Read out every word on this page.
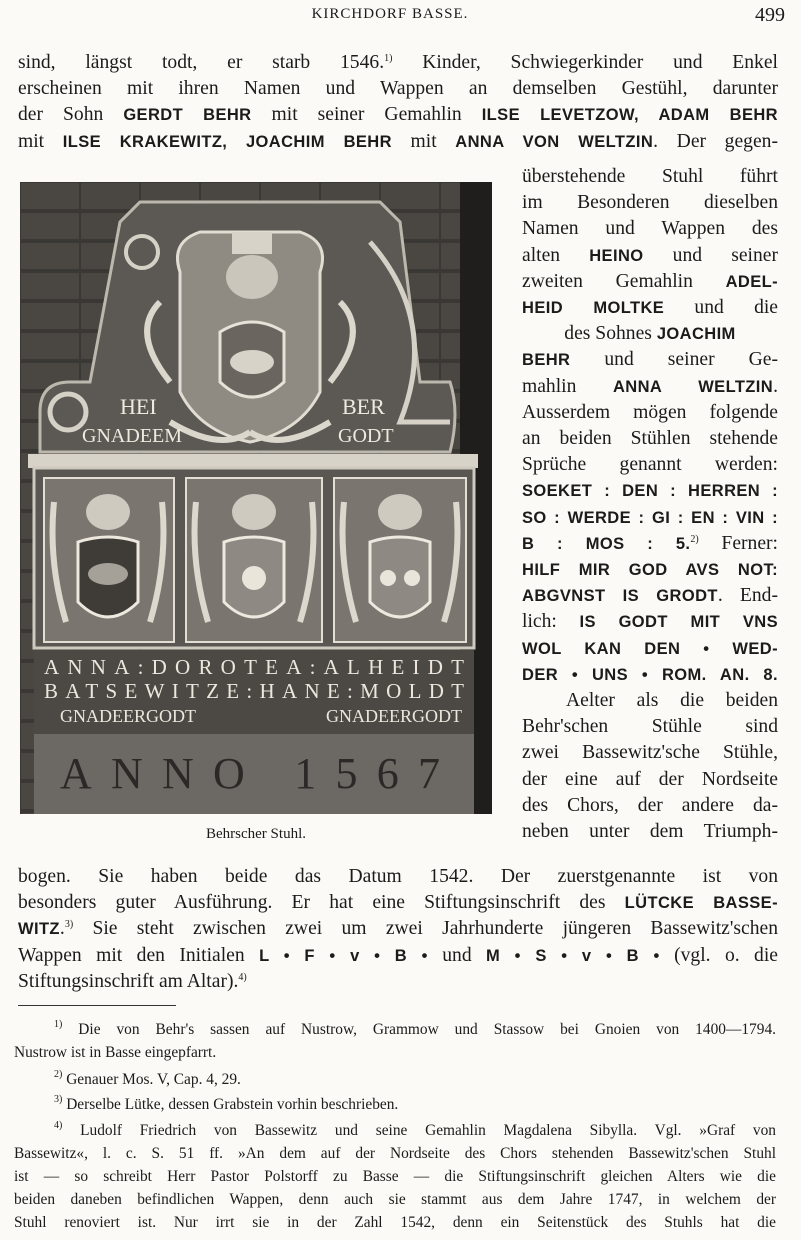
KIRCHDORF BASSE.	499
sind, längst todt, er starb 1546.$^{1)}$ Kinder, Schwiegerkinder und Enkel
erscheinen mit ihren Namen und Wappen an demselben Gestühl, darunter
der Sohn GERDT BEHR mit seiner Gemahlin ILSE LEVETZOW, ADAM BEHR
mit ILSE KRAKEWITZ, JOACHIM BEHR mit ANNA VON WELTZIN. Der gegen-
überstehende Stuhl führt
im Besonderen dieselben
Namen und Wappen des
alten HEINO und seiner
zweiten Gemahlin ADEL-
HEID MOLTKE und die
des Sohnes JOACHIM
BEHR und seiner Ge-
mahlin ANNA WELTZIN.
Ausserdem mögen folgende
an beiden Stühlen stehende
Sprüche genannt werden:
SOEKET : DEN : HERREN :
SO : WERDE : GI : EN : VIN :
B : MOS : 5.$^{2)}$ Ferner:
HILF MIR GOD AVS NOT:
ABGVNST IS GRODT. End-
lich: IS GODT MIT VNS
WOL KAN DEN • WED-
DER • UNS • ROM. AN. 8.
Aelter als die beiden
Behr'schen Stühle sind
zwei Bassewitz'sche Stühle,
der eine auf der Nordseite
des Chors, der andere da-
neben unter dem Triumph-
bogen. Sie haben beide das Datum 1542. Der zuerstgenannte ist von
besonders guter Ausführung. Er hat eine Stiftungsinschrift des LÜTCKE BASSE-
WITZ.$^{3)}$ Sie steht zwischen zwei um zwei Jahrhunderte jüngeren Bassewitz'schen
Wappen mit den Initialen L • F • v • B • und M • S • v • B • (vgl. o. die
Stiftungsinschrift am Altar).$^{4)}$
HEI	BER
GNADEEM	GODT
ANNA:DOROTEA:ALHEIDT
BATSEWITZE:HANE:MOLDT
GNADEERGODT	GNADEERGODT
ANNO 1567
Behrscher Stuhl.
$^{1)}$ Die von Behr's sassen auf Nustrow, Grammow und Stassow bei Gnoien von 1400—1794.
Nustrow ist in Basse eingepfarrt.
$^{2)}$ Genauer Mos. V, Cap. 4, 29.
$^{3)}$ Derselbe Lütke, dessen Grabstein vorhin beschrieben.
$^{4)}$ Ludolf Friedrich von Bassewitz und seine Gemahlin Magdalena Sibylla. Vgl. »Graf von
Bassewitz«, l. c. S. 51 ff. »An dem auf der Nordseite des Chors stehenden Bassewitz'schen Stuhl
ist — so schreibt Herr Pastor Polstorff zu Basse — die Stiftungsinschrift gleichen Alters wie die
beiden daneben befindlichen Wappen, denn auch sie stammt aus dem Jahre 1747, in welchem der
Stuhl renoviert ist. Nur irrt sie in der Zahl 1542, denn ein Seitenstück des Stuhls hat die
